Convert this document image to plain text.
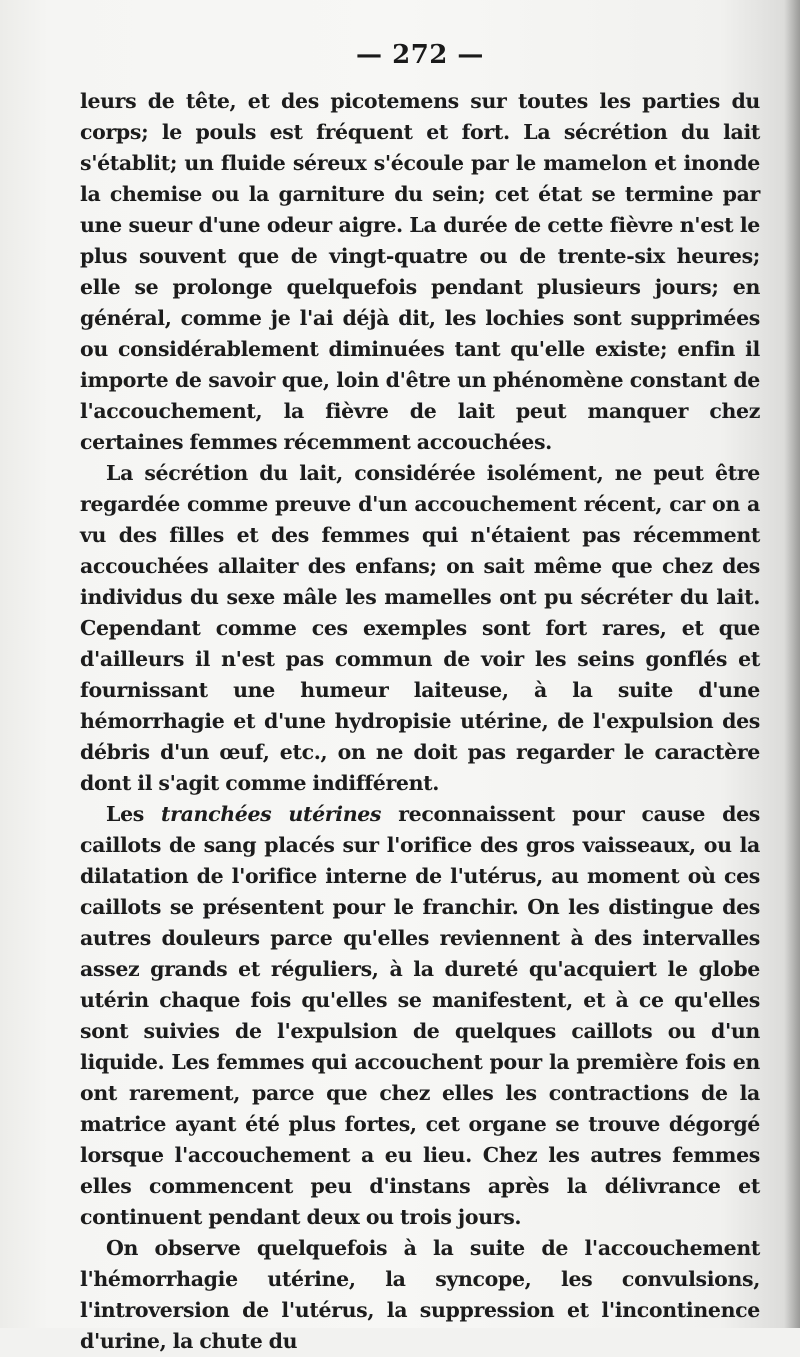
— 272 —

leurs de tête, et des picotemens sur toutes les parties du corps; le pouls est fréquent et fort. La sécrétion du lait s'établit; un fluide séreux s'écoule par le mamelon et inonde la chemise ou la garniture du sein; cet état se termine par une sueur d'une odeur aigre. La durée de cette fièvre n'est le plus souvent que de vingt-quatre ou de trente-six heures; elle se prolonge quelquefois pendant plusieurs jours; en général, comme je l'ai déjà dit, les lochies sont supprimées ou considérablement diminuées tant qu'elle existe; enfin il importe de savoir que, loin d'être un phénomène constant de l'accouchement, la fièvre de lait peut manquer chez certaines femmes récemment accouchées.

La sécrétion du lait, considérée isolément, ne peut être regardée comme preuve d'un accouchement récent, car on a vu des filles et des femmes qui n'étaient pas récemment accouchées allaiter des enfans; on sait même que chez des individus du sexe mâle les mamelles ont pu sécréter du lait. Cependant comme ces exemples sont fort rares, et que d'ailleurs il n'est pas commun de voir les seins gonflés et fournissant une humeur laiteuse, à la suite d'une hémorrhagie et d'une hydropisie utérine, de l'expulsion des débris d'un œuf, etc., on ne doit pas regarder le caractère dont il s'agit comme indifférent.

Les tranchées utérines reconnaissent pour cause des caillots de sang placés sur l'orifice des gros vaisseaux, ou la dilatation de l'orifice interne de l'utérus, au moment où ces caillots se présentent pour le franchir. On les distingue des autres douleurs parce qu'elles reviennent à des intervalles assez grands et réguliers, à la dureté qu'acquiert le globe utérin chaque fois qu'elles se manifestent, et à ce qu'elles sont suivies de l'expulsion de quelques caillots ou d'un liquide. Les femmes qui accouchent pour la première fois en ont rarement, parce que chez elles les contractions de la matrice ayant été plus fortes, cet organe se trouve dégorgé lorsque l'accouchement a eu lieu. Chez les autres femmes elles commencent peu d'instans après la délivrance et continuent pendant deux ou trois jours.

On observe quelquefois à la suite de l'accouchement l'hémorrhagie utérine, la syncope, les convulsions, l'introversion de l'utérus, la suppression et l'incontinence d'urine, la chute du
